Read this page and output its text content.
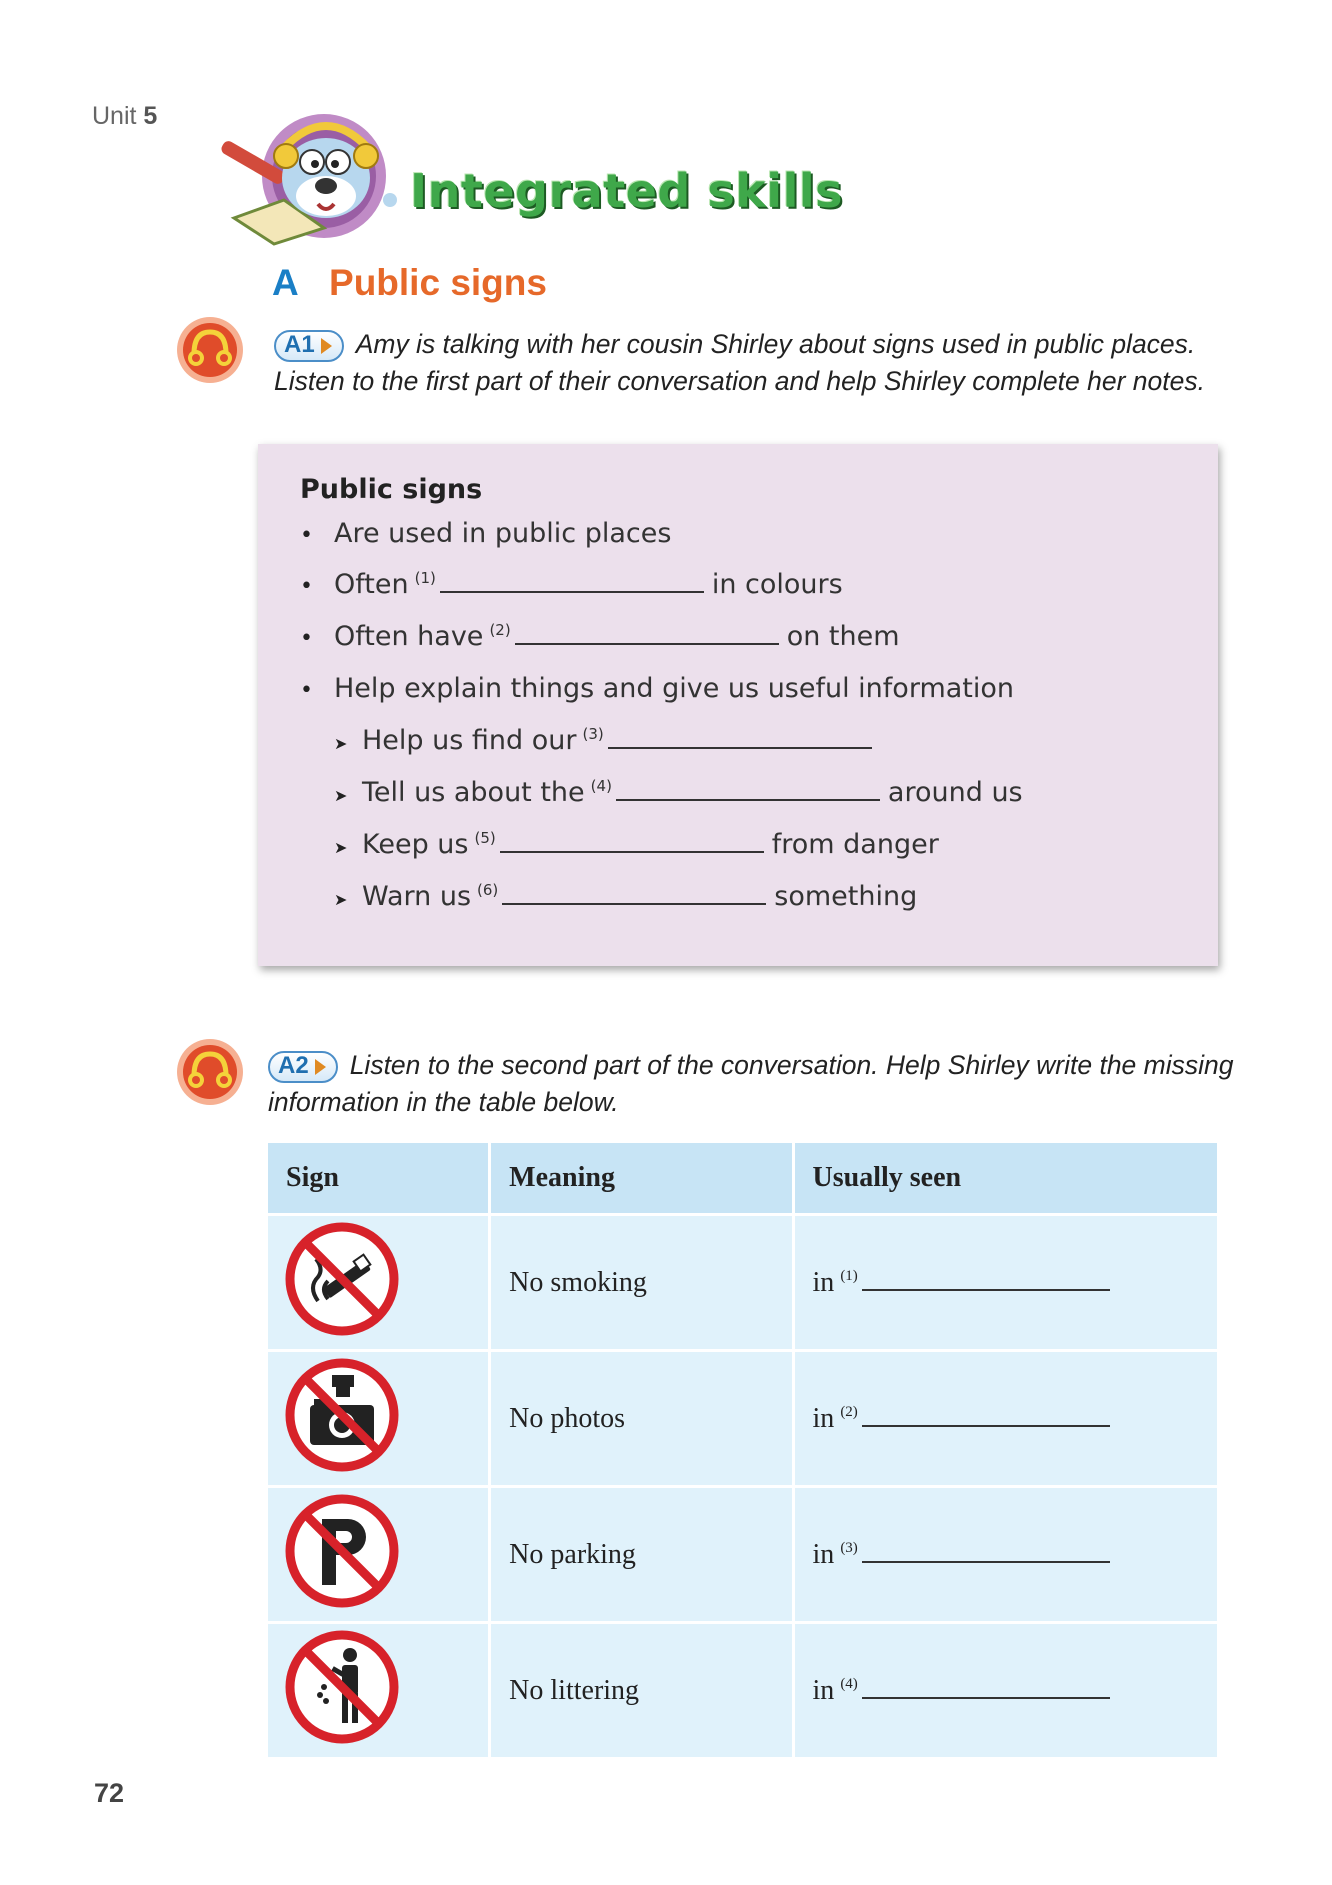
Unit 5
Integrated skills
A Public signs
A1 Amy is talking with her cousin Shirley about signs used in public places.
Listen to the first part of their conversation and help Shirley complete her notes.
Public signs
• Are used in public places
• Often $^{(1)}$	in colours
• Often have $^{(2)}$	on them
• Help explain things and give us useful information
➤ Help us find our $^{(3)}$
➤ Tell us about the $^{(4)}$	around us
➤ Keep us $^{(5)}$	from danger
➤ Warn us $^{(6)}$	something
A2 Listen to the second part of the conversation. Help Shirley write the missing
information in the table below.
Sign	Meaning	Usually seen
	No smoking	in $^{(1)}$
	No photos	in $^{(2)}$
	No parking	in $^{(3)}$
	No littering	in $^{(4)}$
72
